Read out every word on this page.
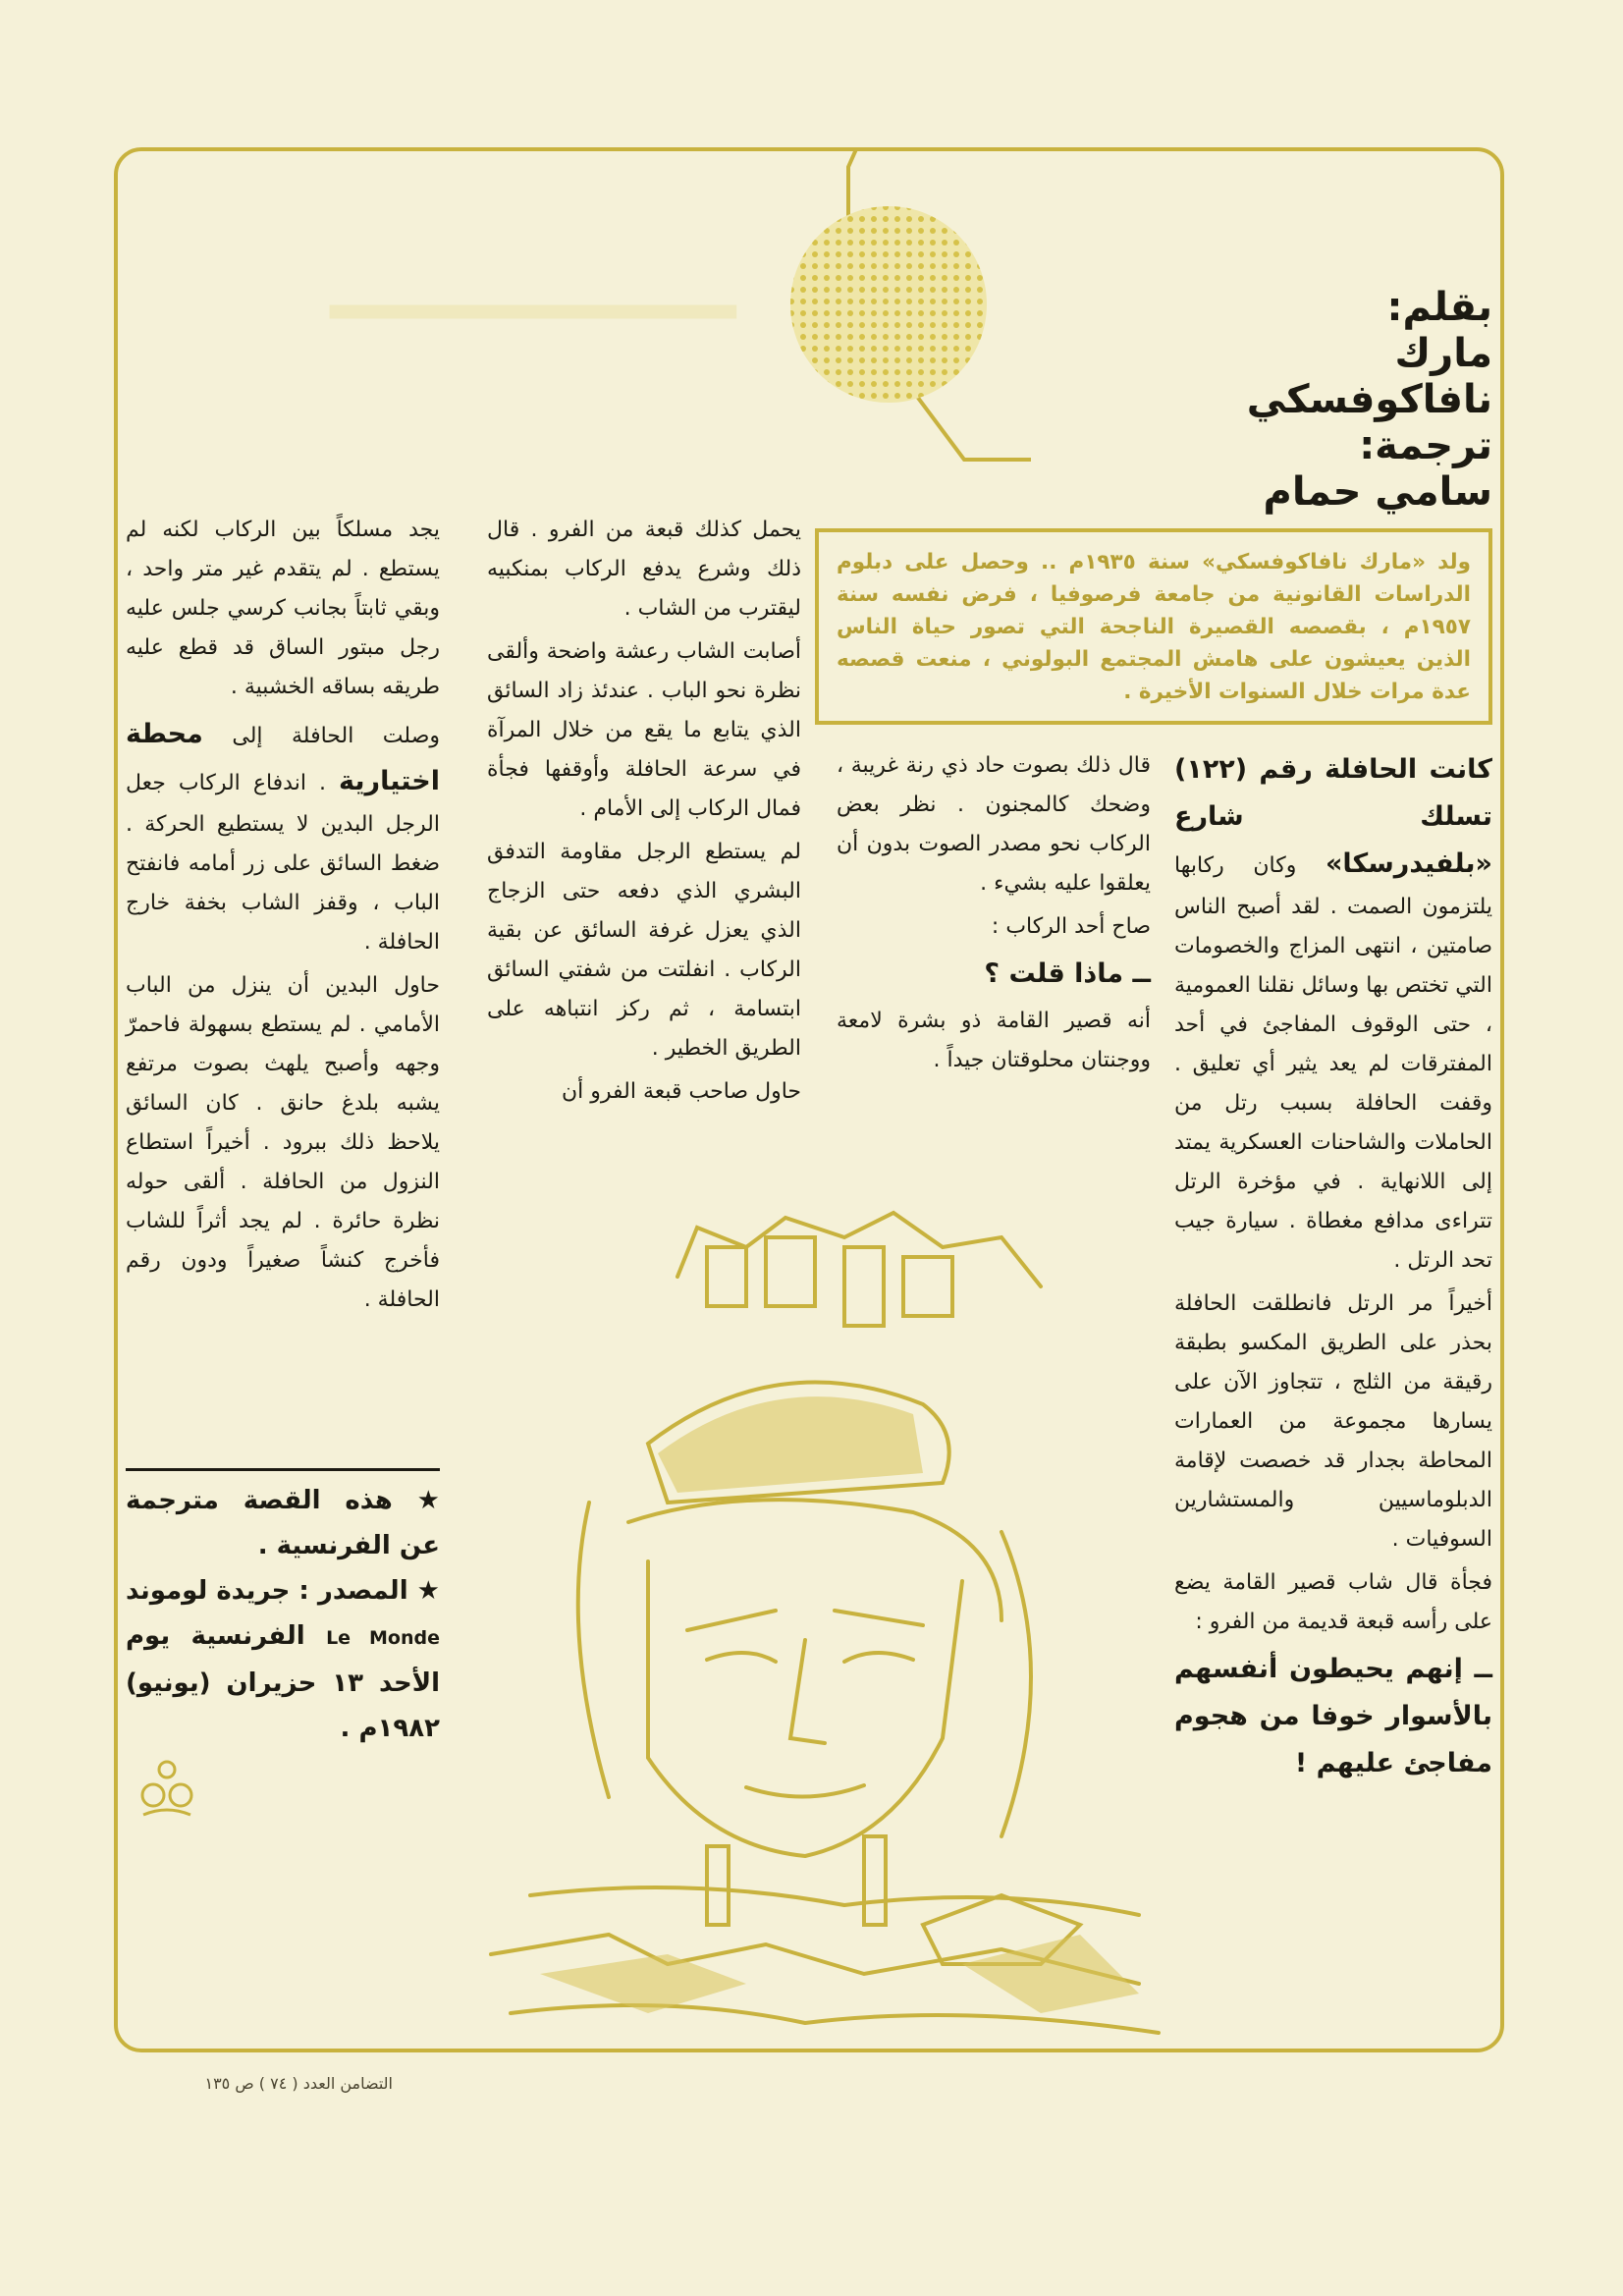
⸻	بقلم:
مارك نافاكوفسكي
ترجمة:
سامي حمام
ولد «مارك نافاكوفسكي» سنة ١٩٣٥م .. وحصل على دبلوم الدراسات القانونية من جامعة فرصوفيا ، فرض نفسه سنة ١٩٥٧م ، بقصصه القصيرة الناجحة التي تصور حياة الناس الذين يعيشون على هامش المجتمع البولوني ، منعت قصصه عدة مرات خلال السنوات الأخيرة .

كانت الحافلة رقم (١٢٢) تسلك شارع «بلفيدرسكا» وكان ركابها يلتزمون الصمت . لقد أصبح الناس صامتين ، انتهى المزاج والخصومات التي تختص بها وسائل نقلنا العمومية ، حتى الوقوف المفاجئ في أحد المفترقات لم يعد يثير أي تعليق . وقفت الحافلة بسبب رتل من الحاملات والشاحنات العسكرية يمتد إلى اللانهاية . في مؤخرة الرتل تتراءى مدافع مغطاة . سيارة جيب تحد الرتل .

أخيراً مر الرتل فانطلقت الحافلة بحذر على الطريق المكسو بطبقة رقيقة من الثلج ، تتجاوز الآن على يسارها مجموعة من العمارات المحاطة بجدار قد خصصت لإقامة الدبلوماسيين والمستشارين السوفيات .

فجأة قال شاب قصير القامة يضع على رأسه قبعة قديمة من الفرو :

ــ إنهم يحيطون أنفسهم بالأسوار خوفا من هجوم مفاجئ عليهم !

قال ذلك بصوت حاد ذي رنة غريبة ، وضحك كالمجنون . نظر بعض الركاب نحو مصدر الصوت بدون أن يعلقوا عليه بشيء .

صاح أحد الركاب :

ــ ماذا قلت ؟

أنه قصير القامة ذو بشرة لامعة ووجنتان محلوقتان جيداً .

يحمل كذلك قبعة من الفرو . قال ذلك وشرع يدفع الركاب بمنكبيه ليقترب من الشاب .

أصابت الشاب رعشة واضحة وألقى نظرة نحو الباب . عندئذ زاد السائق الذي يتابع ما يقع من خلال المرآة في سرعة الحافلة وأوقفها فجأة فمال الركاب إلى الأمام .

لم يستطع الرجل مقاومة التدفق البشري الذي دفعه حتى الزجاج الذي يعزل غرفة السائق عن بقية الركاب . انفلتت من شفتي السائق ابتسامة ، ثم ركز انتباهه على الطريق الخطير .

حاول صاحب قبعة الفرو أن

يجد مسلكاً بين الركاب لكنه لم يستطع . لم يتقدم غير متر واحد ، وبقي ثابتاً بجانب كرسي جلس عليه رجل مبتور الساق قد قطع عليه طريقه بساقه الخشبية .

وصلت الحافلة إلى محطة اختيارية . اندفاع الركاب جعل الرجل البدين لا يستطيع الحركة . ضغط السائق على زر أمامه فانفتح الباب ، وقفز الشاب بخفة خارج الحافلة .

حاول البدين أن ينزل من الباب الأمامي . لم يستطع بسهولة فاحمرّ وجهه وأصبح يلهث بصوت مرتفع يشبه بلدغ حانق . كان السائق يلاحظ ذلك ببرود . أخيراً استطاع النزول من الحافلة . ألقى حوله نظرة حائرة . لم يجد أثراً للشاب فأخرج كنشاً صغيراً ودون رقم الحافلة .

★ هذه القصة مترجمة عن الفرنسية .

★ المصدر : جريدة لوموند Le Monde الفرنسية يوم الأحد ١٣ حزيران (يونيو) ١٩٨٢م .

التضامن العدد ( ٧٤ ) ص ١٣٥
